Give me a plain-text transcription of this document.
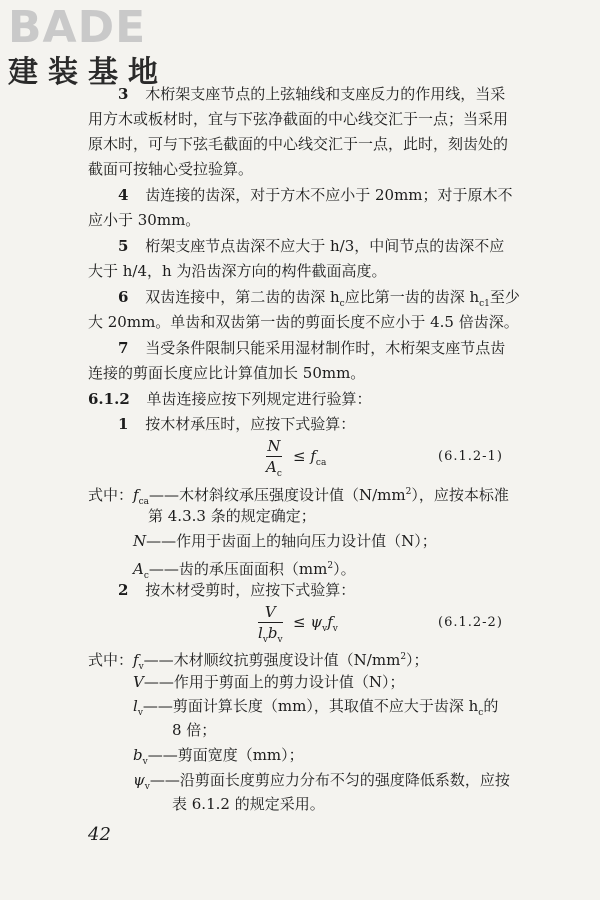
BADE
建装基地
3 木桁架支座节点的上弦轴线和支座反力的作用线，当采
用方木或板材时，宜与下弦净截面的中心线交汇于一点；当采用
原木时，可与下弦毛截面的中心线交汇于一点，此时，刻齿处的
截面可按轴心受拉验算。
4 齿连接的齿深，对于方木不应小于 20mm；对于原木不
应小于 30mm。
5 桁架支座节点齿深不应大于 h/3，中间节点的齿深不应
大于 h/4，h 为沿齿深方向的构件截面高度。
6 双齿连接中，第二齿的齿深 $h_c$应比第一齿的齿深 $h_{c1}$至少
大 20mm。单齿和双齿第一齿的剪面长度不应小于 4.5 倍齿深。
7 当受条件限制只能采用湿材制作时，木桁架支座节点齿
连接的剪面长度应比计算值加长 50mm。
6.1.2 单齿连接应按下列规定进行验算：
1 按木材承压时，应按下式验算：
N
$A_c$
≤ $f_{ca}$	(6.1.2-1)
式中：$f_{ca}——$木材斜纹承压强度设计值$(N/mm^2)$，应按本标准
第 4.3.3 条的规定确定；
N——作用于齿面上的轴向压力设计值（N）；
$A_c——$齿的承压面面积$(mm^2)$。
2 按木材受剪时，应按下式验算：
V
$l_vb_v$
≤ $\psi_vf_v$	(6.1.2-2)
式中：$f_v——$木材顺纹抗剪强度设计值$(N/mm^2)$；
V——作用于剪面上的剪力设计值（N）；
$l_v——$剪面计算长度（mm），其取值不应大于齿深 $h_c$的
8 倍；
$b_v——$剪面宽度（mm）；
$\psi_v——$沿剪面长度剪应力分布不匀的强度降低系数，应按
表 6.1.2 的规定采用。
42
